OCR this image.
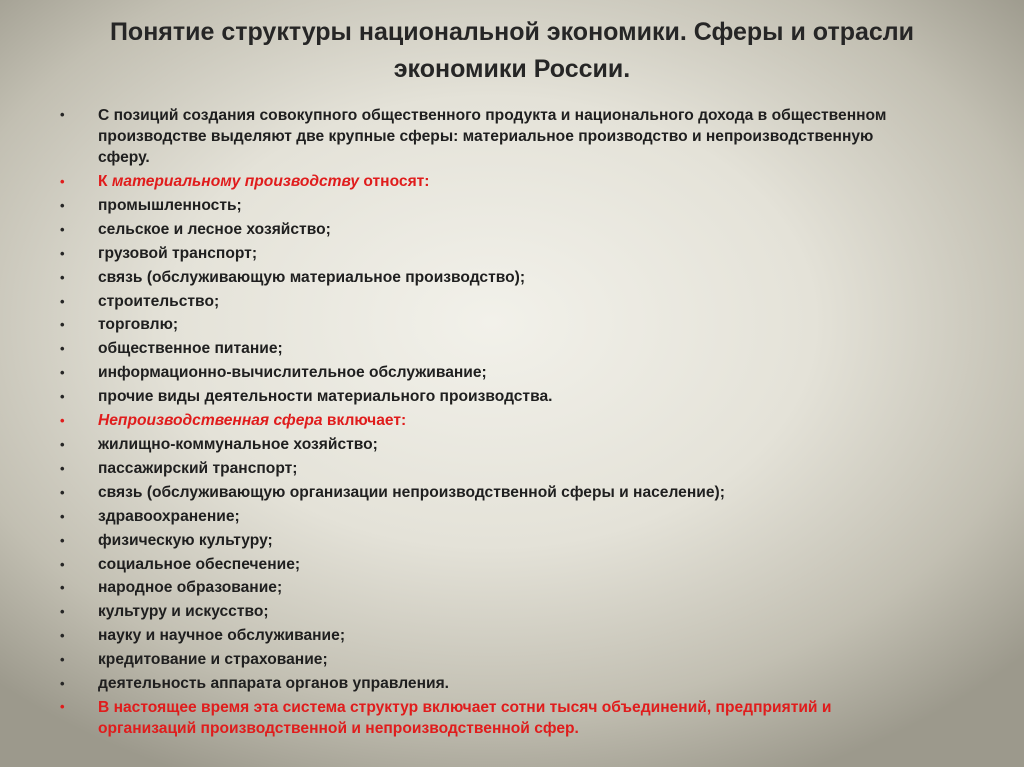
Понятие структуры национальной экономики. Сферы и отрасли
экономики России.
• С позиций создания совокупного общественного продукта и национального дохода в общественном производстве выделяют две крупные сферы: материальное производство и непроизводственную сферу.
• К материальному производству относят:
• промышленность;
• сельское и лесное хозяйство;
• грузовой транспорт;
• связь (обслуживающую материальное производство);
• строительство;
• торговлю;
• общественное питание;
• информационно-вычислительное обслуживание;
• прочие виды деятельности материального производства.
• Непроизводственная сфера включает:
• жилищно-коммунальное хозяйство;
• пассажирский транспорт;
• связь (обслуживающую организации непроизводственной сферы и население);
• здравоохранение;
• физическую культуру;
• социальное обеспечение;
• народное образование;
• культуру и искусство;
• науку и научное обслуживание;
• кредитование и страхование;
• деятельность аппарата органов управления.
• В настоящее время эта система структур включает сотни тысяч объединений, предприятий и организаций производственной и непроизводственной сфер.
